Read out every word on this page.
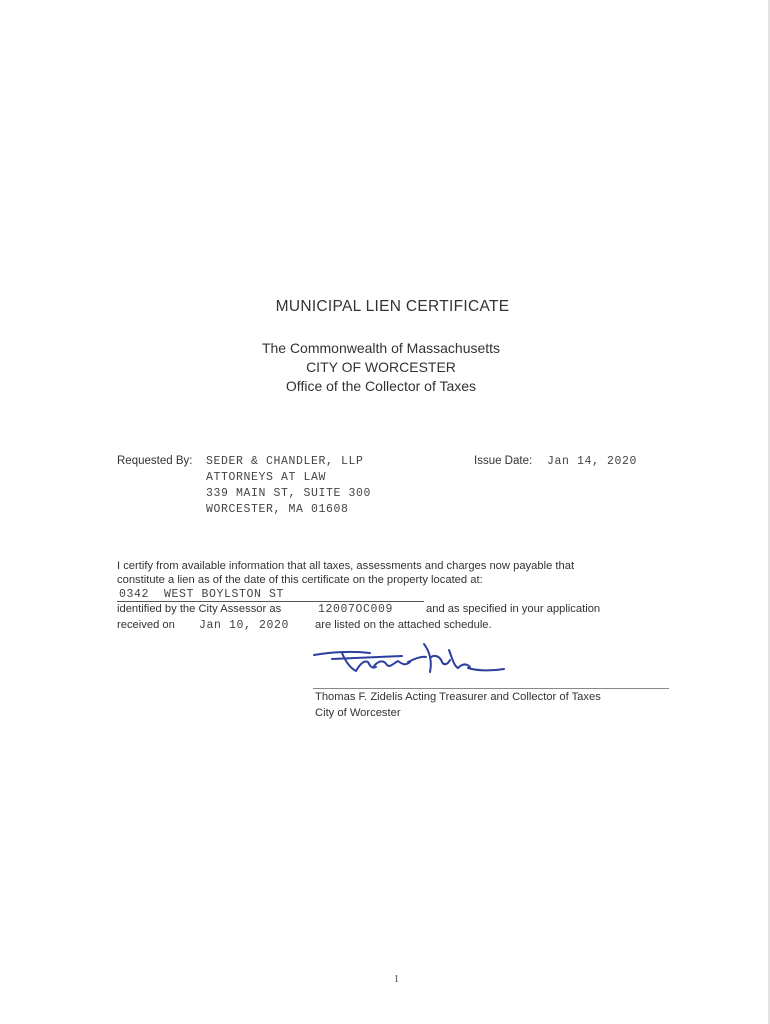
MUNICIPAL LIEN CERTIFICATE
The Commonwealth of Massachusetts
CITY OF WORCESTER
Office of the Collector of Taxes
Requested By: SEDER & CHANDLER, LLP
ATTORNEYS AT LAW
339 MAIN ST, SUITE 300
WORCESTER, MA 01608
Issue Date: Jan 14, 2020
I certify from available information that all taxes, assessments and charges now payable that
constitute a lien as of the date of this certificate on the property located at:
0342  WEST BOYLSTON ST
identified by the City Assessor as	12007OC009	and as specified in your application
received on Jan 10, 2020 are listed on the attached schedule.
Thomas F. Zidelis Acting Treasurer and Collector of Taxes
City of Worcester
1
